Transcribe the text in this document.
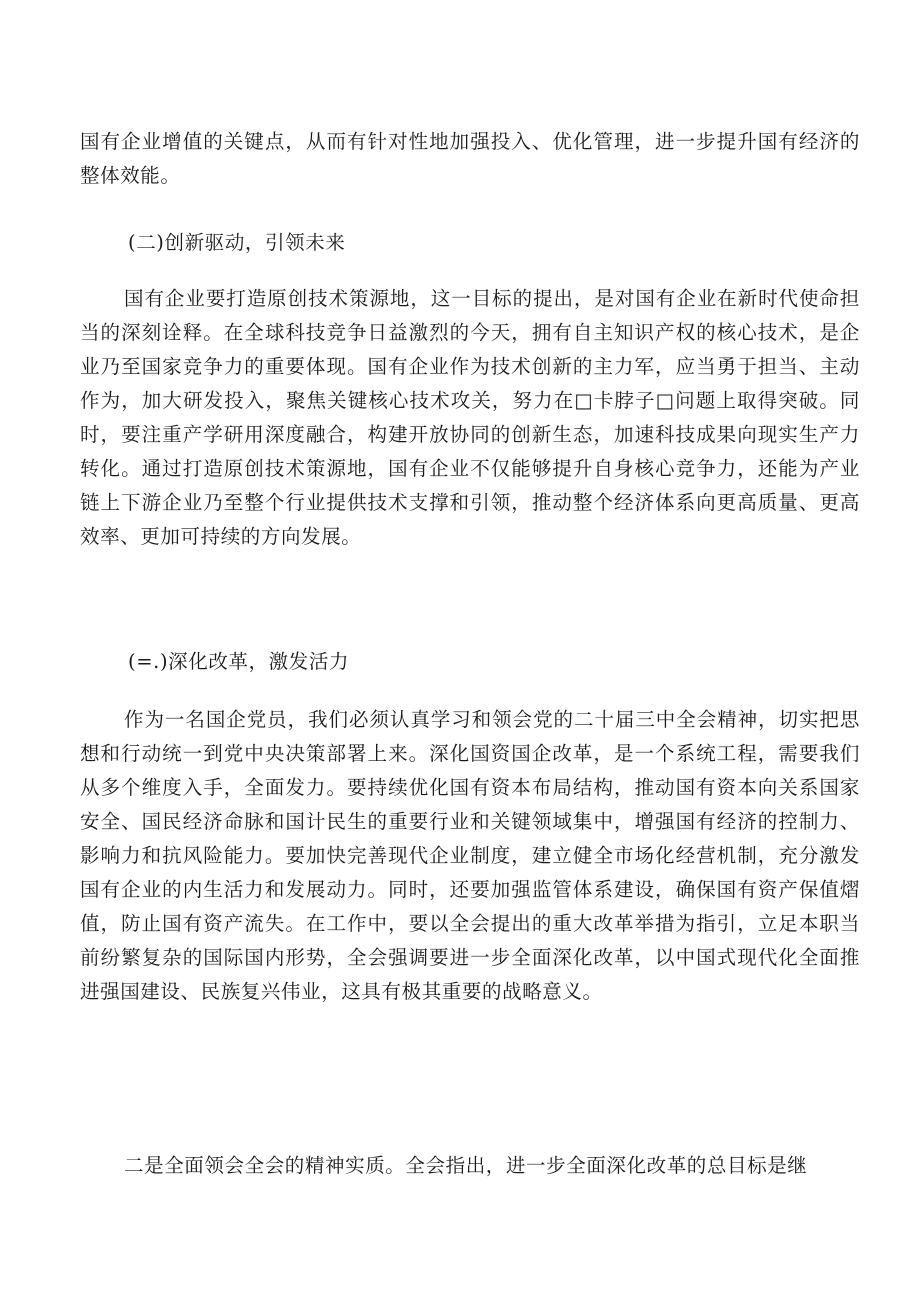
国有企业增值的关键点，从而有针对性地加强投入、优化管理，进一步提升国有经济的整体效能。

(二)创新驱动，引领未来

国有企业要打造原创技术策源地，这一目标的提出，是对国有企业在新时代使命担当的深刻诠释。在全球科技竞争日益激烈的今天，拥有自主知识产权的核心技术，是企业乃至国家竞争力的重要体现。国有企业作为技术创新的主力军，应当勇于担当、主动作为，加大研发投入，聚焦关键核心技术攻关，努力在□卡脖子□问题上取得突破。同时，要注重产学研用深度融合，构建开放协同的创新生态，加速科技成果向现实生产力转化。通过打造原创技术策源地，国有企业不仅能够提升自身核心竞争力，还能为产业链上下游企业乃至整个行业提供技术支撑和引领，推动整个经济体系向更高质量、更高效率、更加可持续的方向发展。

(=.)深化改革，激发活力

作为一名国企党员，我们必须认真学习和领会党的二十届三中全会精神，切实把思想和行动统一到党中央决策部署上来。深化国资国企改革，是一个系统工程，需要我们从多个维度入手，全面发力。要持续优化国有资本布局结构，推动国有资本向关系国家安全、国民经济命脉和国计民生的重要行业和关键领域集中，增强国有经济的控制力、影响力和抗风险能力。要加快完善现代企业制度，建立健全市场化经营机制，充分激发国有企业的内生活力和发展动力。同时，还要加强监管体系建设，确保国有资产保值熠值，防止国有资产流失。在工作中，要以全会提出的重大改革举措为指引，立足本职当前纷繁复杂的国际国内形势，全会强调要进一步全面深化改革，以中国式现代化全面推进强国建设、民族复兴伟业，这具有极其重要的战略意义。

二是全面领会全会的精神实质。全会指出，进一步全面深化改革的总目标是继
